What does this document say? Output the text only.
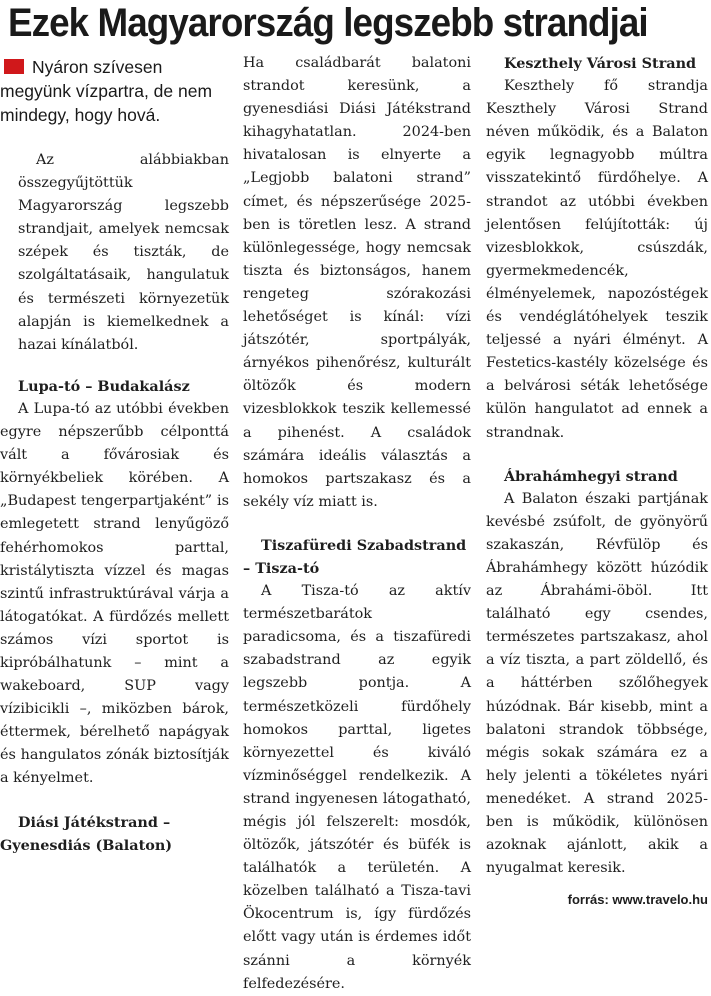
Ezek Magyarország legszebb strandjai

Nyáron szívesen megyünk vízpartra, de nem mindegy, hogy hová.

Az alábbiakban összegyűjtöttük Magyarország legszebb strandjait, amelyek nemcsak szépek és tiszták, de szolgáltatásaik, hangulatuk és természeti környezetük alapján is kiemelkednek a hazai kínálatból.

Lupa-tó – Budakalász

A Lupa-tó az utóbbi években egyre népszerűbb célponttá vált a fővárosiak és környékbeliek körében. A „Budapest tengerpartjaként” is emlegetett strand lenyűgöző fehérhomokos parttal, kristálytiszta vízzel és magas szintű infrastruktúrával várja a látogatókat. A fürdőzés mellett számos vízi sportot is kipróbálhatunk – mint a wakeboard, SUP vagy vízibicikli –, miközben bárok, éttermek, bérelhető napágyak és hangulatos zónák biztosítják a kényelmet.

Diási Játékstrand – Gyenesdiás (Balaton)

Ha családbarát balatoni strandot keresünk, a gyenesdiási Diási Játékstrand kihagyhatatlan. 2024-ben hivatalosan is elnyerte a „Legjobb balatoni strand” címet, és népszerűsége 2025-ben is töretlen lesz. A strand különlegessége, hogy nemcsak tiszta és biztonságos, hanem rengeteg szórakozási lehetőséget is kínál: vízi játszótér, sportpályák, árnyékos pihenőrész, kulturált öltözők és modern vizesblokkok teszik kellemessé a pihenést. A családok számára ideális választás a homokos partszakasz és a sekély víz miatt is.

Tiszafüredi Szabadstrand – Tisza-tó

A Tisza-tó az aktív természetbarátok paradicsoma, és a tiszafüredi szabadstrand az egyik legszebb pontja. A természetközeli fürdőhely homokos parttal, ligetes környezettel és kiváló vízminőséggel rendelkezik. A strand ingyenesen látogatható, mégis jól felszerelt: mosdók, öltözők, játszótér és büfék is találhatók a területén. A közelben található a Tisza-tavi Ökocentrum is, így fürdőzés előtt vagy után is érdemes időt szánni a környék felfedezésére.

Keszthely Városi Strand

Keszthely fő strandja Keszthely Városi Strand néven működik, és a Balaton egyik legnagyobb múltra visszatekintő fürdőhelye. A strandot az utóbbi években jelentősen felújították: új vizesblokkok, csúszdák, gyermekmedencék, élményelemek, napozóstégek és vendéglátóhelyek teszik teljessé a nyári élményt. A Festetics-kastély közelsége és a belvárosi séták lehetősége külön hangulatot ad ennek a strandnak.

Ábrahámhegyi strand

A Balaton északi partjának kevésbé zsúfolt, de gyönyörű szakaszán, Révfülöp és Ábrahámhegy között húzódik az Ábrahámi-öböl. Itt található egy csendes, természetes partszakasz, ahol a víz tiszta, a part zöldellő, és a háttérben szőlőhegyek húzódnak. Bár kisebb, mint a balatoni strandok többsége, mégis sokak számára ez a hely jelenti a tökéletes nyári menedéket. A strand 2025-ben is működik, különösen azoknak ajánlott, akik a nyugalmat keresik.

forrás: www.travelo.hu
